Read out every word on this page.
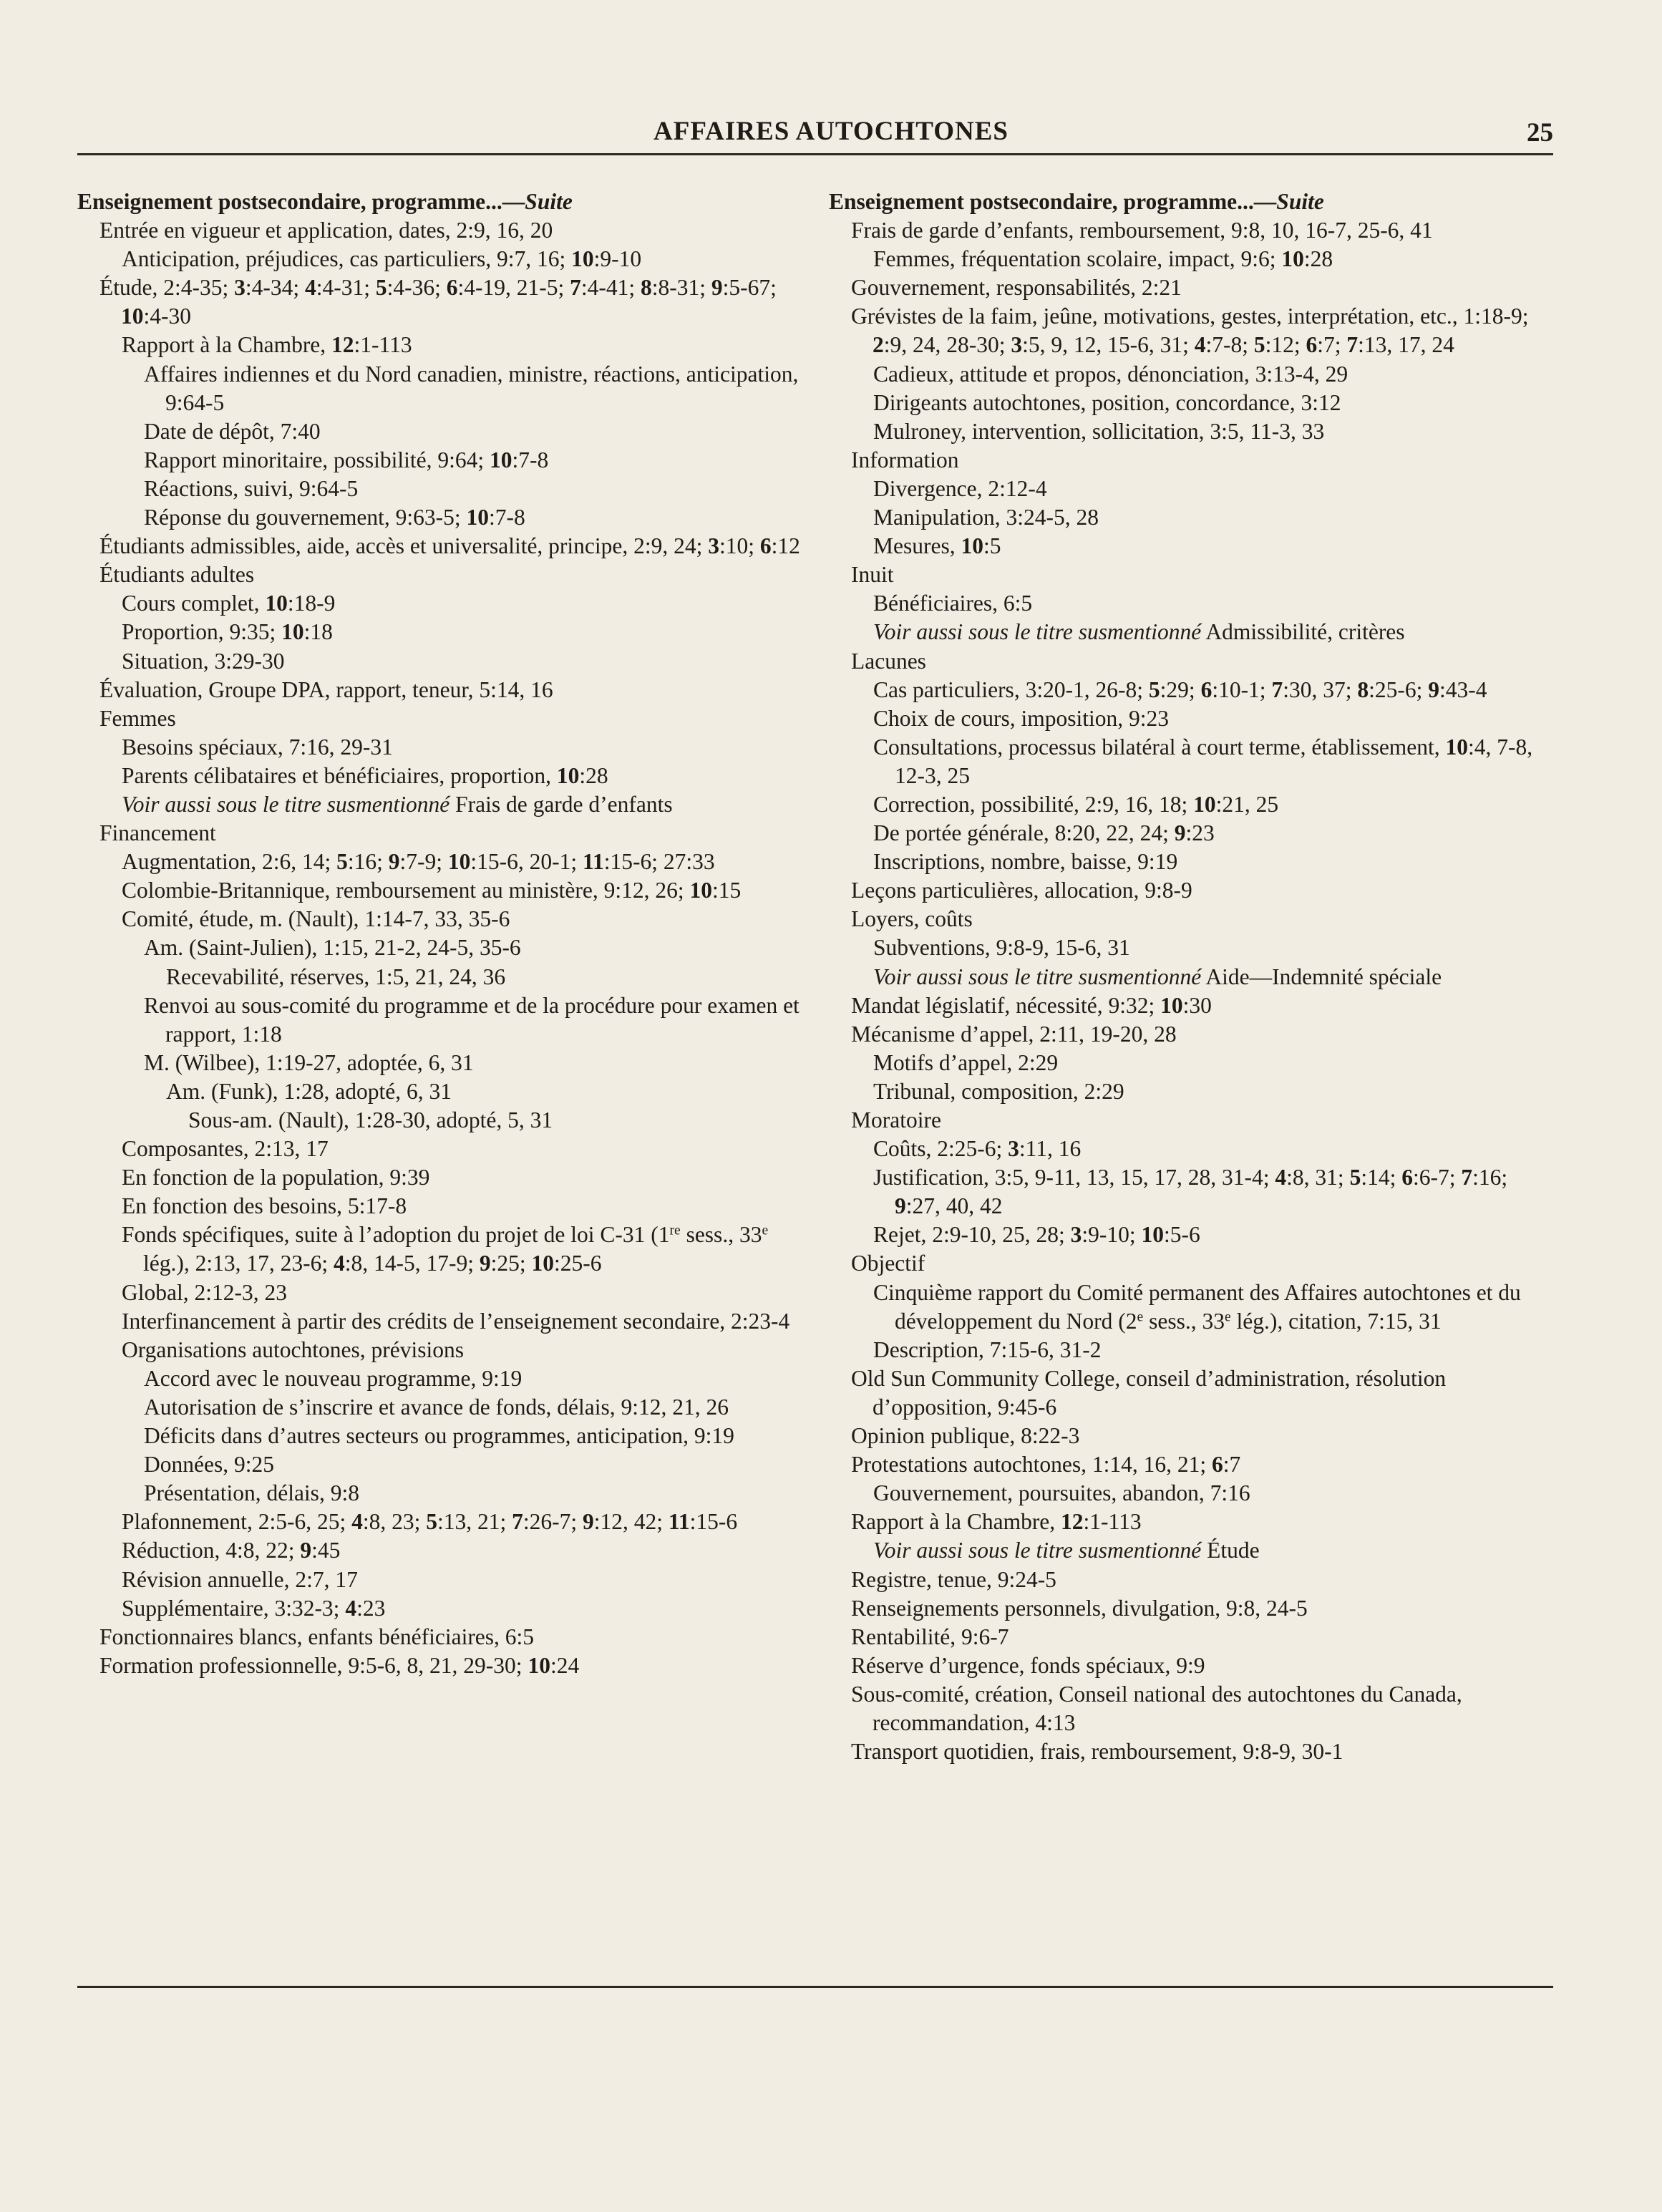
AFFAIRES AUTOCHTONES	25
Enseignement postsecondaire, programme...—Suite
Entrée en vigueur et application, dates, 2:9, 16, 20
Anticipation, préjudices, cas particuliers, 9:7, 16; 10:9-10
Étude, 2:4-35; 3:4-34; 4:4-31; 5:4-36; 6:4-19, 21-5; 7:4-41; 8:8-31; 9:5-67; 10:4-30
Rapport à la Chambre, 12:1-113
Affaires indiennes et du Nord canadien, ministre, réactions, anticipation, 9:64-5
Date de dépôt, 7:40
Rapport minoritaire, possibilité, 9:64; 10:7-8
Réactions, suivi, 9:64-5
Réponse du gouvernement, 9:63-5; 10:7-8
Étudiants admissibles, aide, accès et universalité, principe, 2:9, 24; 3:10; 6:12
Étudiants adultes
Cours complet, 10:18-9
Proportion, 9:35; 10:18
Situation, 3:29-30
Évaluation, Groupe DPA, rapport, teneur, 5:14, 16
Femmes
Besoins spéciaux, 7:16, 29-31
Parents célibataires et bénéficiaires, proportion, 10:28
Voir aussi sous le titre susmentionné Frais de garde d’enfants
Financement
Augmentation, 2:6, 14; 5:16; 9:7-9; 10:15-6, 20-1; 11:15-6; 27:33
Colombie-Britannique, remboursement au ministère, 9:12, 26; 10:15
Comité, étude, m. (Nault), 1:14-7, 33, 35-6
Am. (Saint-Julien), 1:15, 21-2, 24-5, 35-6
Recevabilité, réserves, 1:5, 21, 24, 36
Renvoi au sous-comité du programme et de la procédure pour examen et rapport, 1:18
M. (Wilbee), 1:19-27, adoptée, 6, 31
Am. (Funk), 1:28, adopté, 6, 31
Sous-am. (Nault), 1:28-30, adopté, 5, 31
Composantes, 2:13, 17
En fonction de la population, 9:39
En fonction des besoins, 5:17-8
Fonds spécifiques, suite à l’adoption du projet de loi C-31 (1re sess., 33e lég.), 2:13, 17, 23-6; 4:8, 14-5, 17-9; 9:25; 10:25-6
Global, 2:12-3, 23
Interfinancement à partir des crédits de l’enseignement secondaire, 2:23-4
Organisations autochtones, prévisions
Accord avec le nouveau programme, 9:19
Autorisation de s’inscrire et avance de fonds, délais, 9:12, 21, 26
Déficits dans d’autres secteurs ou programmes, anticipation, 9:19
Données, 9:25
Présentation, délais, 9:8
Plafonnement, 2:5-6, 25; 4:8, 23; 5:13, 21; 7:26-7; 9:12, 42; 11:15-6
Réduction, 4:8, 22; 9:45
Révision annuelle, 2:7, 17
Supplémentaire, 3:32-3; 4:23
Fonctionnaires blancs, enfants bénéficiaires, 6:5
Formation professionnelle, 9:5-6, 8, 21, 29-30; 10:24
Enseignement postsecondaire, programme...—Suite
Frais de garde d’enfants, remboursement, 9:8, 10, 16-7, 25-6, 41
Femmes, fréquentation scolaire, impact, 9:6; 10:28
Gouvernement, responsabilités, 2:21
Grévistes de la faim, jeûne, motivations, gestes, interprétation, etc., 1:18-9; 2:9, 24, 28-30; 3:5, 9, 12, 15-6, 31; 4:7-8; 5:12; 6:7; 7:13, 17, 24
Cadieux, attitude et propos, dénonciation, 3:13-4, 29
Dirigeants autochtones, position, concordance, 3:12
Mulroney, intervention, sollicitation, 3:5, 11-3, 33
Information
Divergence, 2:12-4
Manipulation, 3:24-5, 28
Mesures, 10:5
Inuit
Bénéficiaires, 6:5
Voir aussi sous le titre susmentionné Admissibilité, critères
Lacunes
Cas particuliers, 3:20-1, 26-8; 5:29; 6:10-1; 7:30, 37; 8:25-6; 9:43-4
Choix de cours, imposition, 9:23
Consultations, processus bilatéral à court terme, établissement, 10:4, 7-8, 12-3, 25
Correction, possibilité, 2:9, 16, 18; 10:21, 25
De portée générale, 8:20, 22, 24; 9:23
Inscriptions, nombre, baisse, 9:19
Leçons particulières, allocation, 9:8-9
Loyers, coûts
Subventions, 9:8-9, 15-6, 31
Voir aussi sous le titre susmentionné Aide—Indemnité spéciale
Mandat législatif, nécessité, 9:32; 10:30
Mécanisme d’appel, 2:11, 19-20, 28
Motifs d’appel, 2:29
Tribunal, composition, 2:29
Moratoire
Coûts, 2:25-6; 3:11, 16
Justification, 3:5, 9-11, 13, 15, 17, 28, 31-4; 4:8, 31; 5:14; 6:6-7; 7:16; 9:27, 40, 42
Rejet, 2:9-10, 25, 28; 3:9-10; 10:5-6
Objectif
Cinquième rapport du Comité permanent des Affaires autochtones et du développement du Nord (2e sess., 33e lég.), citation, 7:15, 31
Description, 7:15-6, 31-2
Old Sun Community College, conseil d’administration, résolution d’opposition, 9:45-6
Opinion publique, 8:22-3
Protestations autochtones, 1:14, 16, 21; 6:7
Gouvernement, poursuites, abandon, 7:16
Rapport à la Chambre, 12:1-113
Voir aussi sous le titre susmentionné Étude
Registre, tenue, 9:24-5
Renseignements personnels, divulgation, 9:8, 24-5
Rentabilité, 9:6-7
Réserve d’urgence, fonds spéciaux, 9:9
Sous-comité, création, Conseil national des autochtones du Canada, recommandation, 4:13
Transport quotidien, frais, remboursement, 9:8-9, 30-1
